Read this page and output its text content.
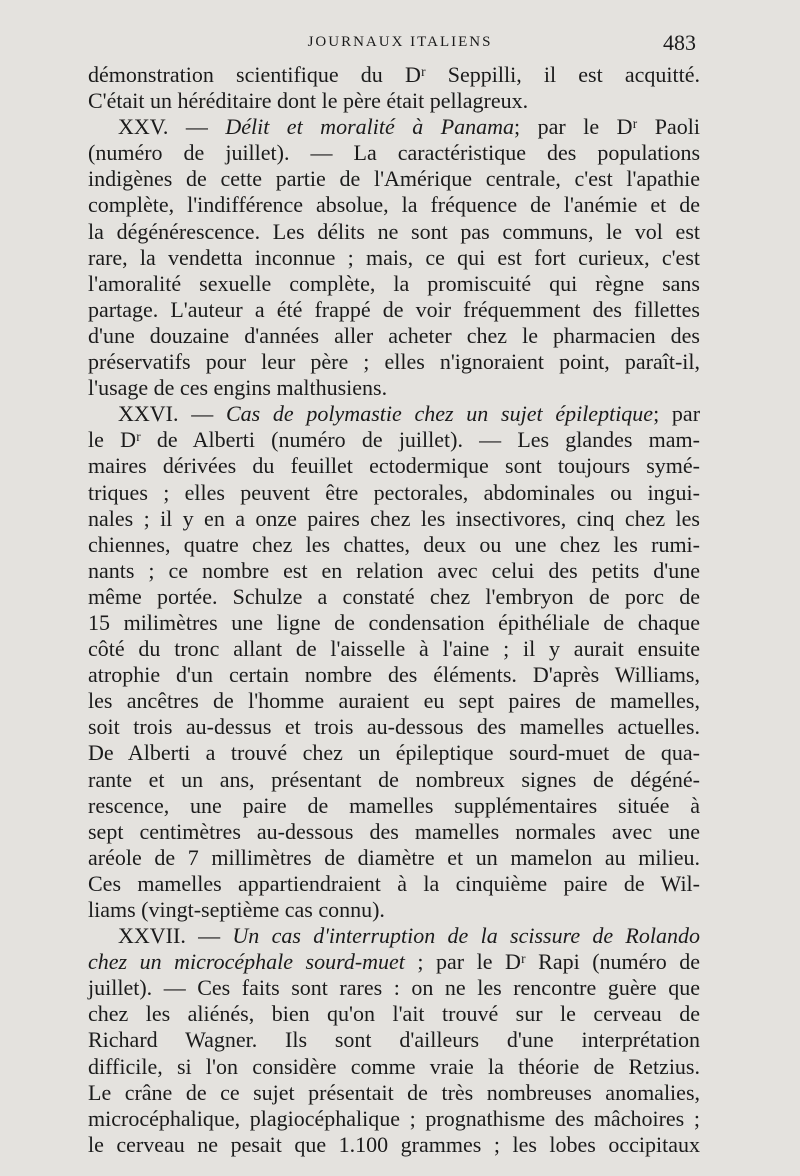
JOURNAUX ITALIENS	483
démonstration scientifique du Dʳ Seppilli, il est acquitté.
C'était un héréditaire dont le père était pellagreux.
XXV. — Délit et moralité à Panama; par le Dʳ Paoli
(numéro de juillet). — La caractéristique des populations
indigènes de cette partie de l'Amérique centrale, c'est l'apathie
complète, l'indifférence absolue, la fréquence de l'anémie et de
la dégénérescence. Les délits ne sont pas communs, le vol est
rare, la vendetta inconnue ; mais, ce qui est fort curieux, c'est
l'amoralité sexuelle complète, la promiscuité qui règne sans
partage. L'auteur a été frappé de voir fréquemment des fillettes
d'une douzaine d'années aller acheter chez le pharmacien des
préservatifs pour leur père ; elles n'ignoraient point, paraît-il,
l'usage de ces engins malthusiens.
XXVI. — Cas de polymastie chez un sujet épileptique; par
le Dʳ de Alberti (numéro de juillet). — Les glandes mam-
maires dérivées du feuillet ectodermique sont toujours symé-
triques ; elles peuvent être pectorales, abdominales ou ingui-
nales ; il y en a onze paires chez les insectivores, cinq chez les
chiennes, quatre chez les chattes, deux ou une chez les rumi-
nants ; ce nombre est en relation avec celui des petits d'une
même portée. Schulze a constaté chez l'embryon de porc de
15 milimètres une ligne de condensation épithéliale de chaque
côté du tronc allant de l'aisselle à l'aine ; il y aurait ensuite
atrophie d'un certain nombre des éléments. D'après Williams,
les ancêtres de l'homme auraient eu sept paires de mamelles,
soit trois au-dessus et trois au-dessous des mamelles actuelles.
De Alberti a trouvé chez un épileptique sourd-muet de qua-
rante et un ans, présentant de nombreux signes de dégéné-
rescence, une paire de mamelles supplémentaires située à
sept centimètres au-dessous des mamelles normales avec une
aréole de 7 millimètres de diamètre et un mamelon au milieu.
Ces mamelles appartiendraient à la cinquième paire de Wil-
liams (vingt-septième cas connu).
XXVII. — Un cas d'interruption de la scissure de Rolando
chez un microcéphale sourd-muet ; par le Dʳ Rapi (numéro de
juillet). — Ces faits sont rares : on ne les rencontre guère que
chez les aliénés, bien qu'on l'ait trouvé sur le cerveau de
Richard Wagner. Ils sont d'ailleurs d'une interprétation
difficile, si l'on considère comme vraie la théorie de Retzius.
Le crâne de ce sujet présentait de très nombreuses anomalies,
microcéphalique, plagiocéphalique ; prognathisme des mâchoires ;
le cerveau ne pesait que 1.100 grammes ; les lobes occipitaux
